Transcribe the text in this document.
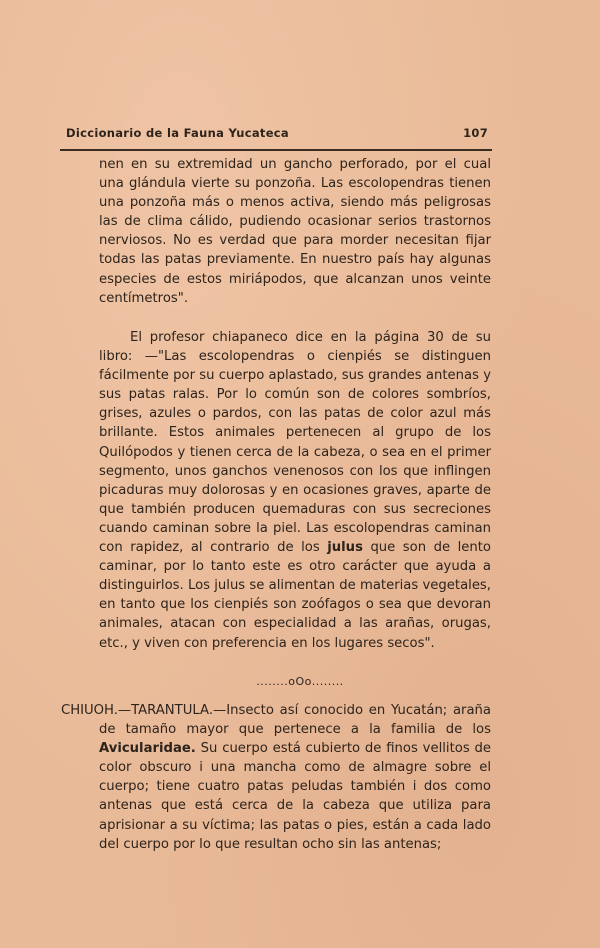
Diccionario de la Fauna Yucateca	107
nen en su extremidad un gancho perforado, por el cual una glándula vierte su ponzoña. Las escolopendras tienen una ponzoña más o menos activa, siendo más peligrosas las de clima cálido, pudiendo ocasionar serios trastornos nerviosos. No es verdad que para morder necesitan fijar todas las patas previamente. En nuestro país hay algunas especies de estos miriápodos, que alcanzan unos veinte centímetros".
El profesor chiapaneco dice en la página 30 de su libro: —"Las escolopendras o cienpiés se distinguen fácilmente por su cuerpo aplastado, sus grandes antenas y sus patas ralas. Por lo común son de colores sombríos, grises, azules o pardos, con las patas de color azul más brillante. Estos animales pertenecen al grupo de los Quilópodos y tienen cerca de la cabeza, o sea en el primer segmento, unos ganchos venenosos con los que inflingen picaduras muy dolorosas y en ocasiones graves, aparte de que también producen quemaduras con sus secreciones cuando caminan sobre la piel. Las escolopendras caminan con rapidez, al contrario de los julus que son de lento caminar, por lo tanto este es otro carácter que ayuda a distinguirlos. Los julus se alimentan de materias vegetales, en tanto que los cienpiés son zoófagos o sea que devoran animales, atacan con especialidad a las arañas, orugas, etc., y viven con preferencia en los lugares secos".
........oOo........
CHIUOH.—TARANTULA.—Insecto así conocido en Yucatán; araña de tamaño mayor que pertenece a la familia de los Avicularidae. Su cuerpo está cubierto de finos vellitos de color obscuro i una mancha como de almagre sobre el cuerpo; tiene cuatro patas peludas también i dos como antenas que está cerca de la cabeza que utiliza para aprisionar a su víctima; las patas o pies, están a cada lado del cuerpo por lo que resultan ocho sin las antenas;
